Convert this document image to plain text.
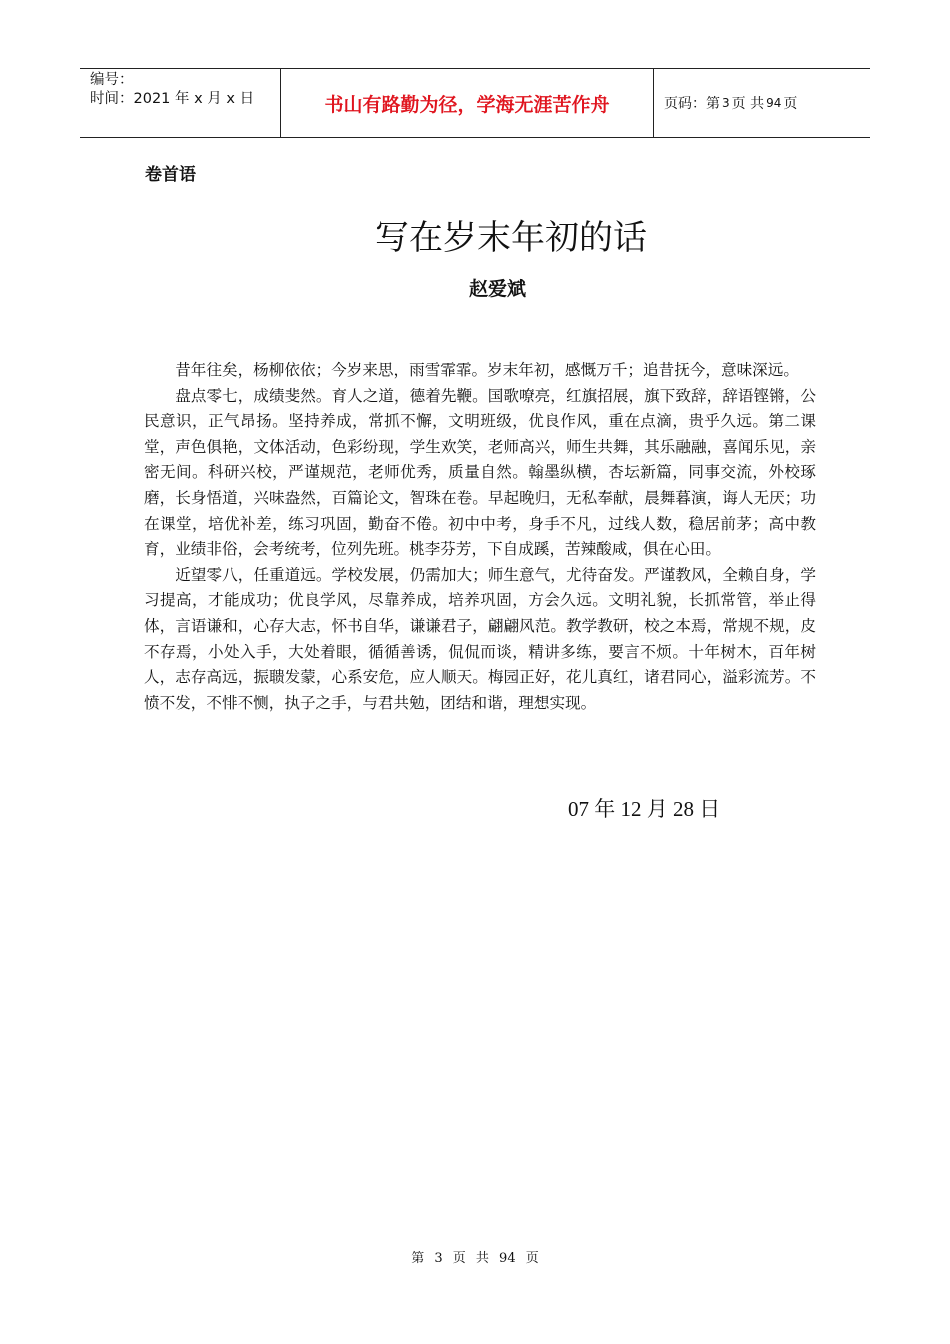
编号：
时间：2021 年 x 月 x 日	书山有路勤为径，学海无涯苦作舟	页码：第 3 页 共 94 页
卷首语
写在岁末年初的话
赵爱斌

昔年往矣，杨柳依依；今岁来思，雨雪霏霏。岁末年初，感慨万千；追昔抚今，意味深远。

盘点零七，成绩斐然。育人之道，德着先鞭。国歌嘹亮，红旗招展，旗下致辞，辞语铿锵，公民意识，正气昂扬。坚持养成，常抓不懈，文明班级，优良作风，重在点滴，贵乎久远。第二课堂，声色俱艳，文体活动，色彩纷现，学生欢笑，老师高兴，师生共舞，其乐融融，喜闻乐见，亲密无间。科研兴校，严谨规范，老师优秀，质量自然。翰墨纵横，杏坛新篇，同事交流，外校琢磨，长身悟道，兴味盎然，百篇论文，智珠在卷。早起晚归，无私奉献，晨舞暮演，诲人无厌；功在课堂，培优补差，练习巩固，勤奋不倦。初中中考，身手不凡，过线人数，稳居前茅；高中教育，业绩非俗，会考统考，位列先班。桃李芬芳，下自成蹊，苦辣酸咸，俱在心田。

近望零八，任重道远。学校发展，仍需加大；师生意气，尤待奋发。严谨教风，全赖自身，学习提高，才能成功；优良学风，尽靠养成，培养巩固，方会久远。文明礼貌，长抓常管，举止得体，言语谦和，心存大志，怀书自华，谦谦君子，翩翩风范。教学教研，校之本焉，常规不规，皮不存焉，小处入手，大处着眼，循循善诱，侃侃而谈，精讲多练，要言不烦。十年树木，百年树人，志存高远，振聩发蒙，心系安危，应人顺天。梅园正好，花儿真红，诸君同心，溢彩流芳。不愤不发，不悱不恻，执子之手，与君共勉，团结和谐，理想实现。

07 年 12 月 28 日
第 3 页 共 94 页
